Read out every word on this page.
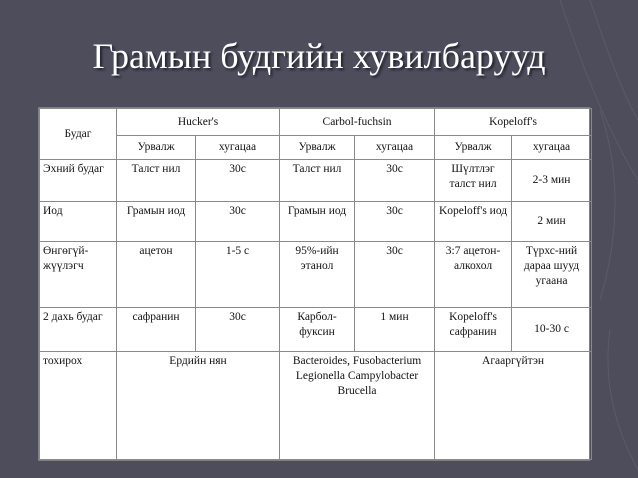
Грамын будгийн хувилбарууд
Будаг	Hucker's		Carbol-fuchsin		Kopeloff's	
	Урвалж	хугацаа	Урвалж	хугацаа	Урвалж	хугацаа
Эхний будаг	Талст нил	30с	Талст нил	30с	Шүлтлэг талст нил	2-3 мин
Иод	Грамын иод	30с	Грамын иод	30с	Kopeloff's иод	2 мин
Өнгөгүй-жүүлэгч	ацетон	1-5 с	95%-ийн этанол	30с	3:7 ацетон-алкохол	Түрхс-ний дараа шууд угаана
2 дахь будаг	сафранин	30с	Карбол-фуксин	1 мин	Kopeloff's сафранин	10-30 с
тохирох	Ердийн нян		Bacteroides, Fusobacterium Legionella Campylobacter Brucella		Агааргүйтэн	
